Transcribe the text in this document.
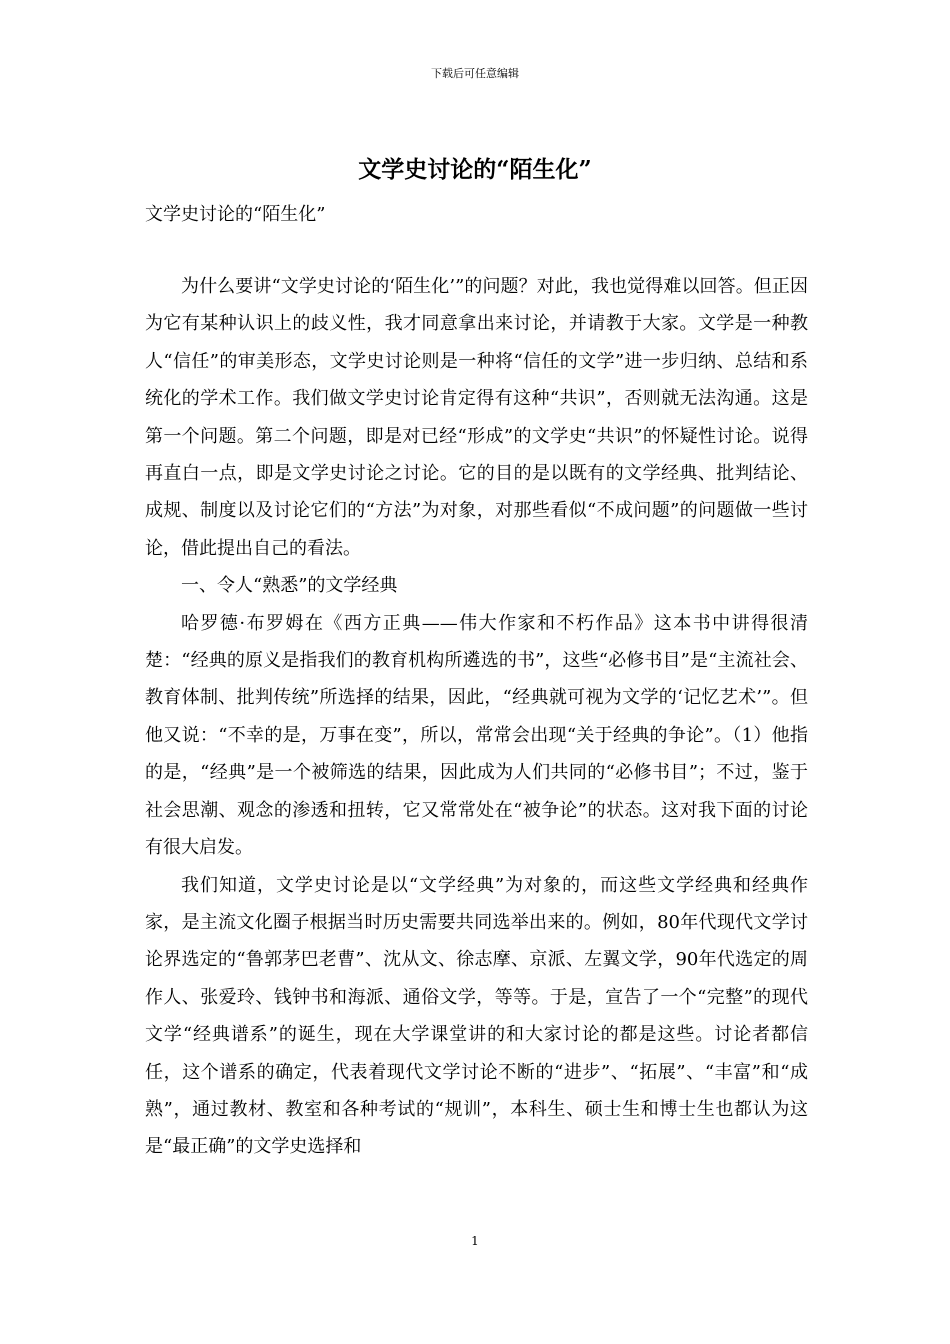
下载后可任意编辑
文学史讨论的“陌生化”
文学史讨论的“陌生化”

为什么要讲“文学史讨论的‘陌生化’”的问题？对此，我也觉得难以回答。但正因为它有某种认识上的歧义性，我才同意拿出来讨论，并请教于大家。文学是一种教人“信任”的审美形态，文学史讨论则是一种将“信任的文学”进一步归纳、总结和系统化的学术工作。我们做文学史讨论肯定得有这种“共识”，否则就无法沟通。这是第一个问题。第二个问题，即是对已经“形成”的文学史“共识”的怀疑性讨论。说得再直白一点，即是文学史讨论之讨论。它的目的是以既有的文学经典、批判结论、成规、制度以及讨论它们的“方法”为对象，对那些看似“不成问题”的问题做一些讨论，借此提出自己的看法。

一、令人“熟悉”的文学经典

哈罗德·布罗姆在《西方正典——伟大作家和不朽作品》这本书中讲得很清楚：“经典的原义是指我们的教育机构所遴选的书”，这些“必修书目”是“主流社会、教育体制、批判传统”所选择的结果，因此，“经典就可视为文学的‘记忆艺术’”。但他又说：“不幸的是，万事在变”，所以，常常会出现“关于经典的争论”。（1）他指的是，“经典”是一个被筛选的结果，因此成为人们共同的“必修书目”；不过，鉴于社会思潮、观念的渗透和扭转，它又常常处在“被争论”的状态。这对我下面的讨论有很大启发。

我们知道，文学史讨论是以“文学经典”为对象的，而这些文学经典和经典作家，是主流文化圈子根据当时历史需要共同选举出来的。例如，80年代现代文学讨论界选定的“鲁郭茅巴老曹”、沈从文、徐志摩、京派、左翼文学，90年代选定的周作人、张爱玲、钱钟书和海派、通俗文学，等等。于是，宣告了一个“完整”的现代文学“经典谱系”的诞生，现在大学课堂讲的和大家讨论的都是这些。讨论者都信任，这个谱系的确定，代表着现代文学讨论不断的“进步”、“拓展”、“丰富”和“成熟”，通过教材、教室和各种考试的“规训”，本科生、硕士生和博士生也都认为这是“最正确”的文学史选择和

1
